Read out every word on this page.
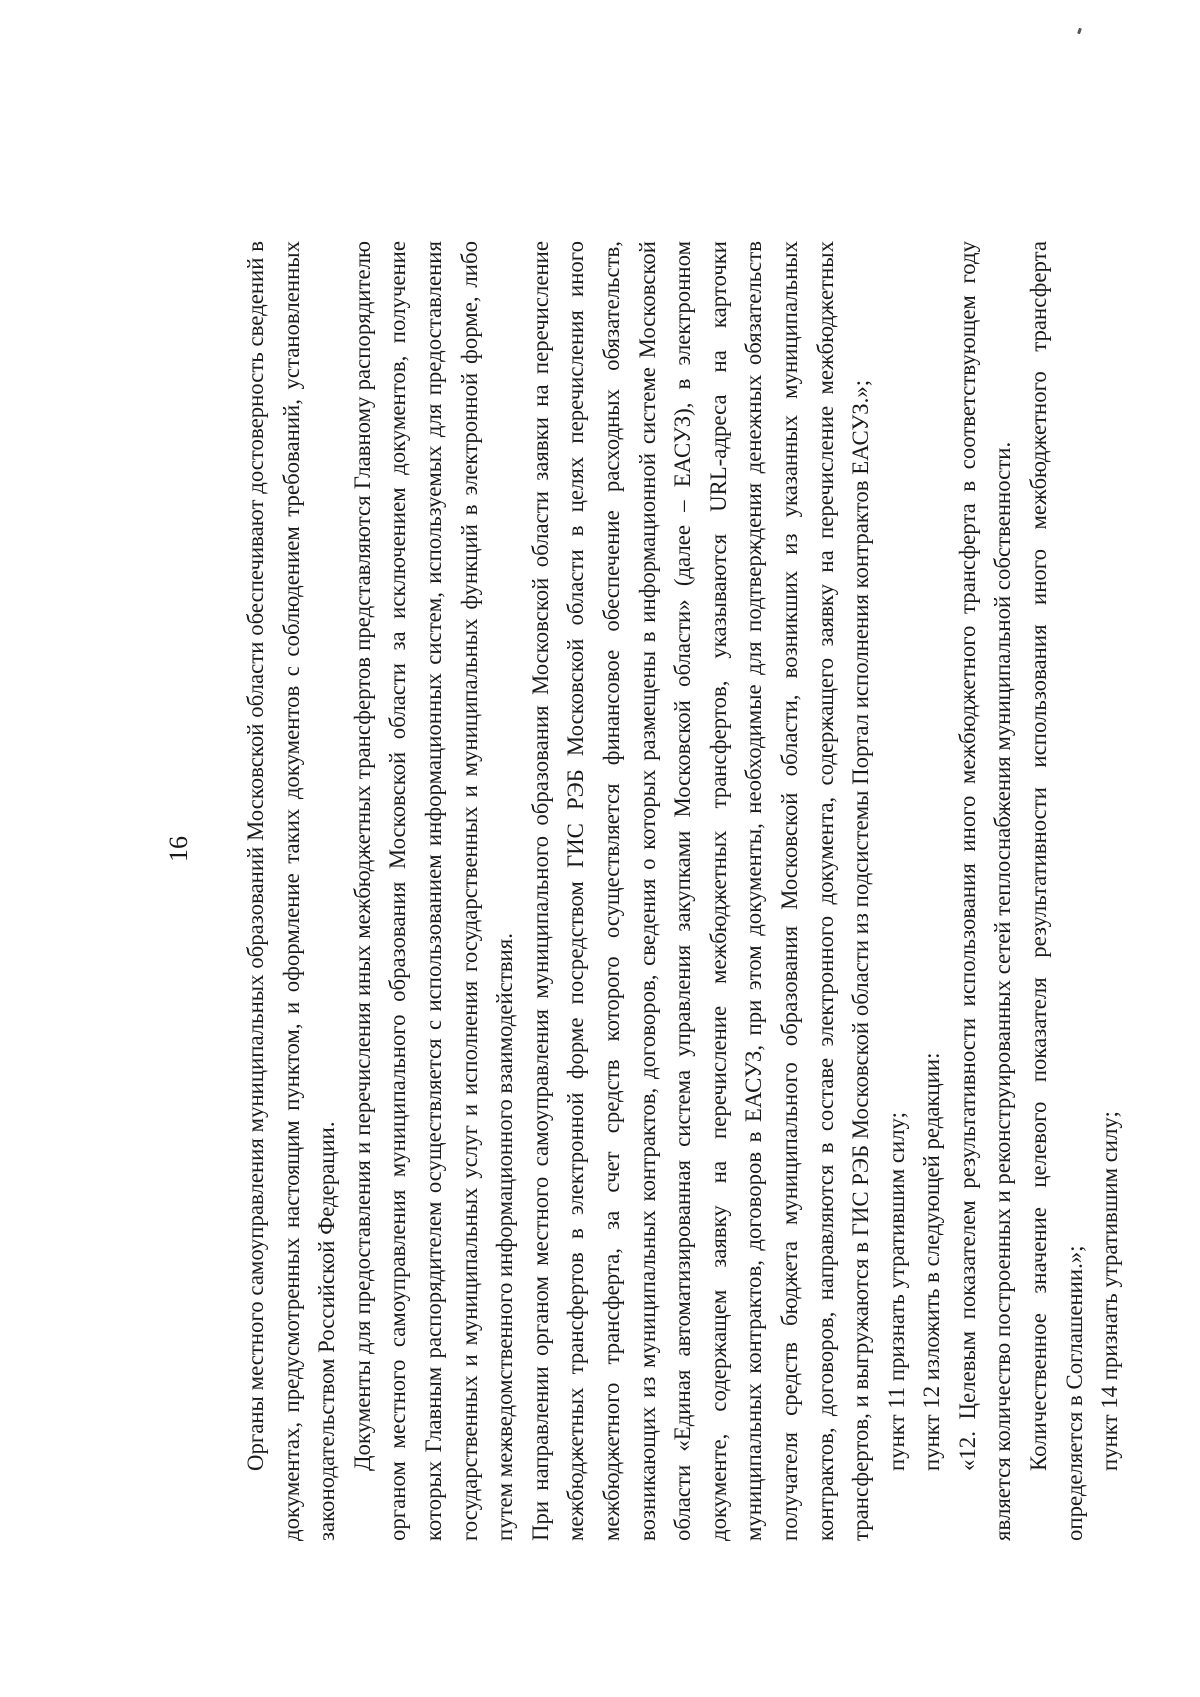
16 Органы местного самоуправления муниципальных образований Московской области обеспечивают достоверность сведений в документах, предусмотренных настоящим пунктом, и оформление таких документов с соблюдением требований, установленных законодательством Российской Федерации. Документы для предоставления и перечисления иных межбюджетных трансфертов представляются Главному распорядителю органом местного самоуправления муниципального образования Московской области за исключением документов, получение которых Главным распорядителем осуществляется с использованием информационных систем, используемых для предоставления государственных и муниципальных услуг и исполнения государственных и муниципальных функций в электронной форме, либо путем межведомственного информационного взаимодействия. При направлении органом местного самоуправления муниципального образования Московской области заявки на перечисление межбюджетных трансфертов в электронной форме посредством ГИС РЭБ Московской области в целях перечисления иного межбюджетного трансферта, за счет средств которого осуществляется финансовое обеспечение расходных обязательств, возникающих из муниципальных контрактов, договоров, сведения о которых размещены в информационной системе Московской области «Единая автоматизированная система управления закупками Московской области» (далее – ЕАСУЗ), в электронном документе, содержащем заявку на перечисление межбюджетных трансфертов, указываются URL-адреса на карточки муниципальных контрактов, договоров в ЕАСУЗ, при этом документы, необходимые для подтверждения денежных обязательств получателя средств бюджета муниципального образования Московской области, возникших из указанных муниципальных контрактов, договоров, направляются в составе электронного документа, содержащего заявку на перечисление межбюджетных трансфертов, и выгружаются в ГИС РЭБ Московской области из подсистемы Портал исполнения контрактов ЕАСУЗ.»; пункт 11 признать утратившим силу; пункт 12 изложить в следующей редакции: «12. Целевым показателем результативности использования иного межбюджетного трансферта в соответствующем году является количество построенных и реконструированных сетей теплоснабжения муниципальной собственности. Количественное значение целевого показателя результативности использования иного межбюджетного трансферта определяется в Соглашении.»; пункт 14 признать утратившим силу;
